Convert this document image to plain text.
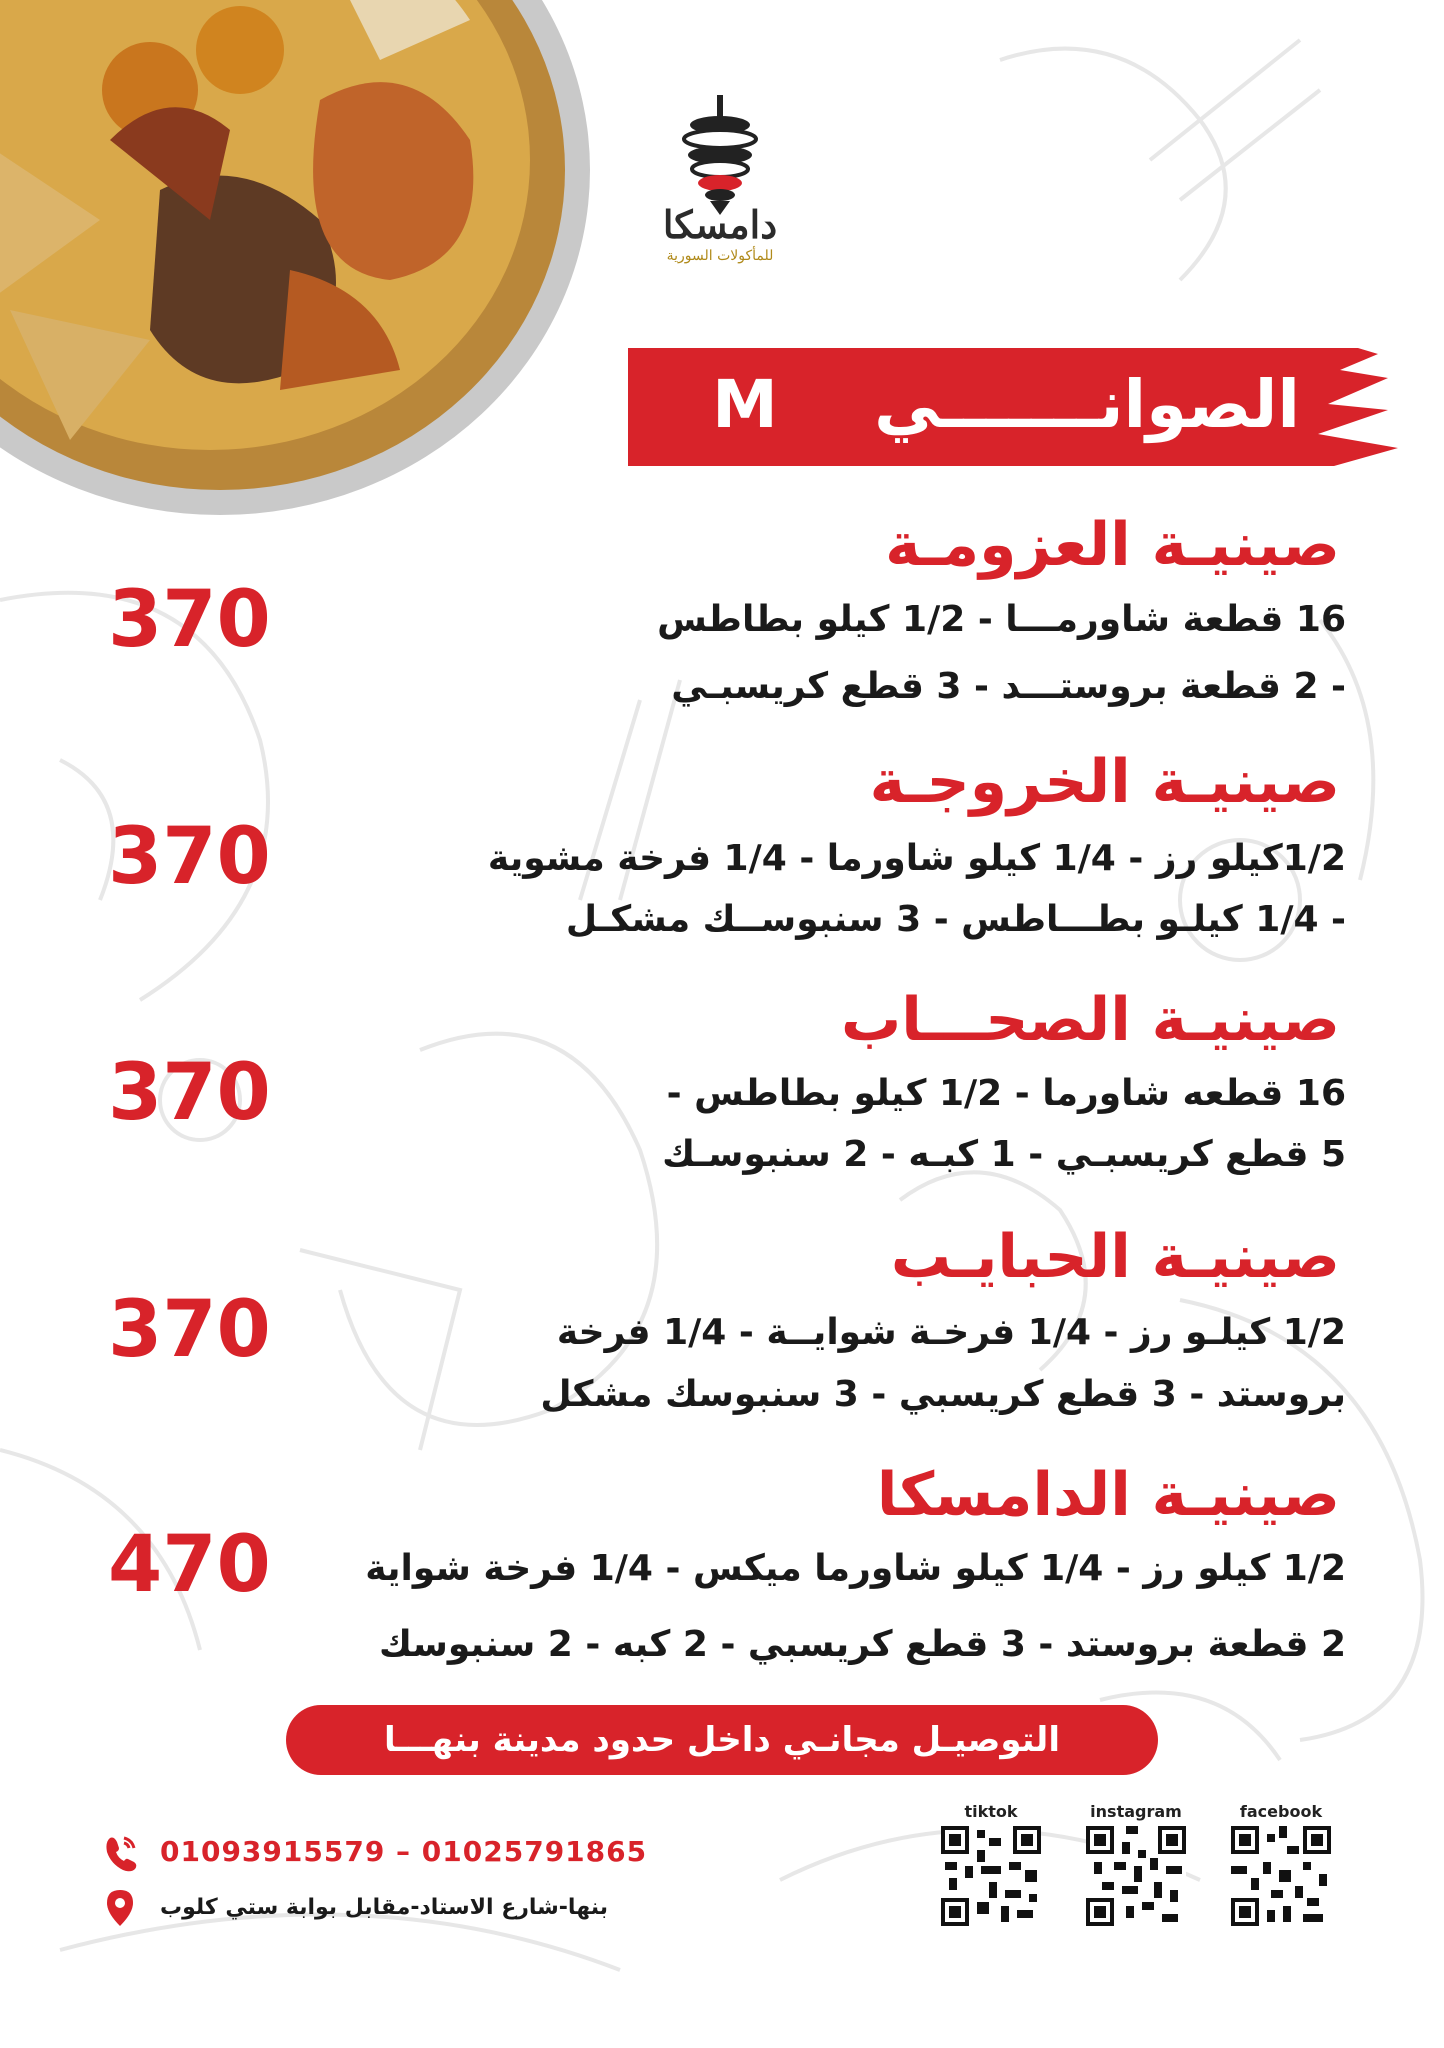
دامسكا
للمأكولات السورية
الصوانـــــــي
M
صينيـة العزومـة
16 قطعة شاورمـــا - 1/2 كيلو بطاطس
- 2 قطعة بروستـــد - 3 قطع كريسبـي
370
صينيـة الخروجـة
1/2كيلو رز - 1/4 كيلو شاورما - 1/4 فرخة مشوية
- 1/4 كيلـو بطـــاطس - 3 سنبوســك مشكـل
370
صينيـة الصحـــاب
16 قطعه شاورما - 1/2 كيلو بطاطس -
5 قطع كريسبـي - 1 كبـه - 2 سنبوسـك
370
صينيـة الحبايـب
1/2 كيلـو رز - 1/4 فرخـة شوايــة - 1/4 فرخة
بروستد - 3 قطع كريسبي - 3 سنبوسك مشكل
370
صينيـة الدامسكا
1/2 كيلو رز - 1/4 كيلو شاورما ميكس - 1/4 فرخة شواية
2 قطعة بروستد - 3 قطع كريسبي - 2 كبه - 2 سنبوسك
470
التوصيـل مجانـي داخل حدود مدينة بنهـــا
01093915579 – 01025791865
بنها-شارع الاستاد-مقابل بوابة ستي كلوب
tiktok	instagram	facebook
